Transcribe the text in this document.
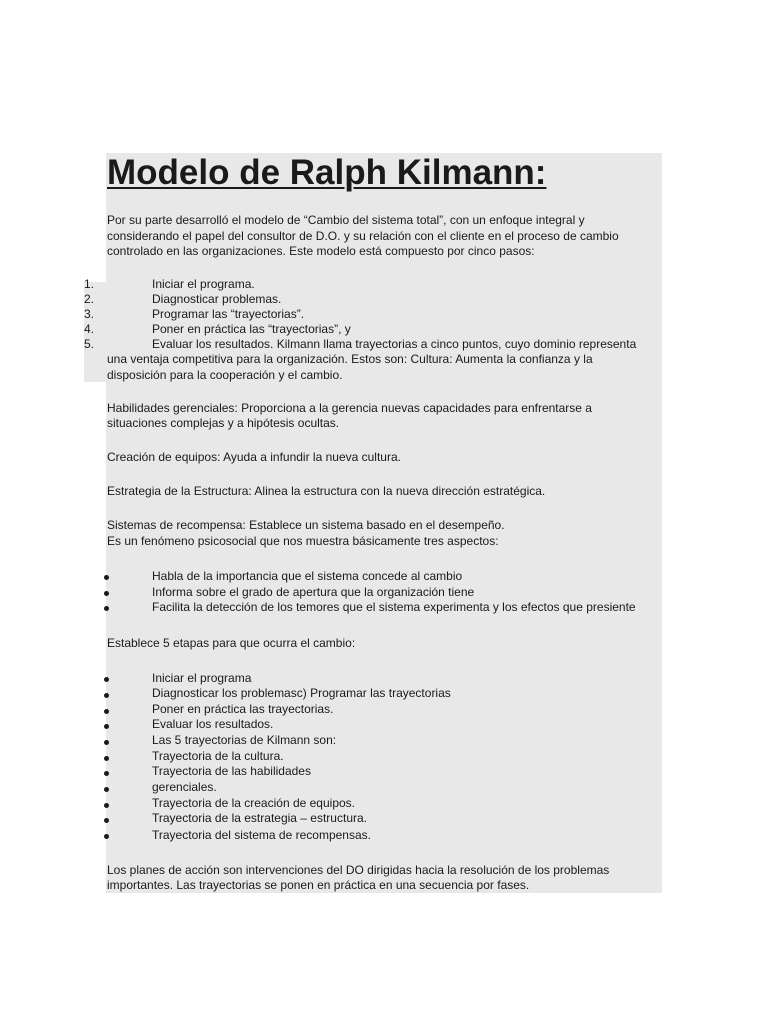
Modelo de Ralph Kilmann:

Por su parte desarrolló el modelo de “Cambio del sistema total”, con un enfoque integral y

considerando el papel del consultor de D.O. y su relación con el cliente en el proceso de cambio

controlado en las organizaciones. Este modelo está compuesto por cinco pasos:

1.	Iniciar el programa.
2.	Diagnosticar problemas.
3.	Programar las “trayectorias”.
4.	Poner en práctica las “trayectorias”, y
5.	Evaluar los resultados. Kilmann llama trayectorias a cinco puntos, cuyo dominio representa

una ventaja competitiva para la organización. Estos son: Cultura: Aumenta la confianza y la

disposición para la cooperación y el cambio.

Habilidades gerenciales: Proporciona a la gerencia nuevas capacidades para enfrentarse a

situaciones complejas y a hipótesis ocultas.

Creación de equipos: Ayuda a infundir la nueva cultura.

Estrategia de la Estructura: Alinea la estructura con la nueva dirección estratégica.

Sistemas de recompensa: Establece un sistema basado en el desempeño.

Es un fenómeno psicosocial que nos muestra básicamente tres aspectos:

Habla de la importancia que el sistema concede al cambio
Informa sobre el grado de apertura que la organización tiene
Facilita la detección de los temores que el sistema experimenta y los efectos que presiente

Establece 5 etapas para que ocurra el cambio:

Iniciar el programa
Diagnosticar los problemasc) Programar las trayectorias
Poner en práctica las trayectorias.
Evaluar los resultados.
Las 5 trayectorias de Kilmann son:
Trayectoria de la cultura.
Trayectoria de las habilidades
gerenciales.
Trayectoria de la creación de equipos.
Trayectoria de la estrategia – estructura.
Trayectoria del sistema de recompensas.

Los planes de acción son intervenciones del DO dirigidas hacia la resolución de los problemas

importantes. Las trayectorias se ponen en práctica en una secuencia por fases.
